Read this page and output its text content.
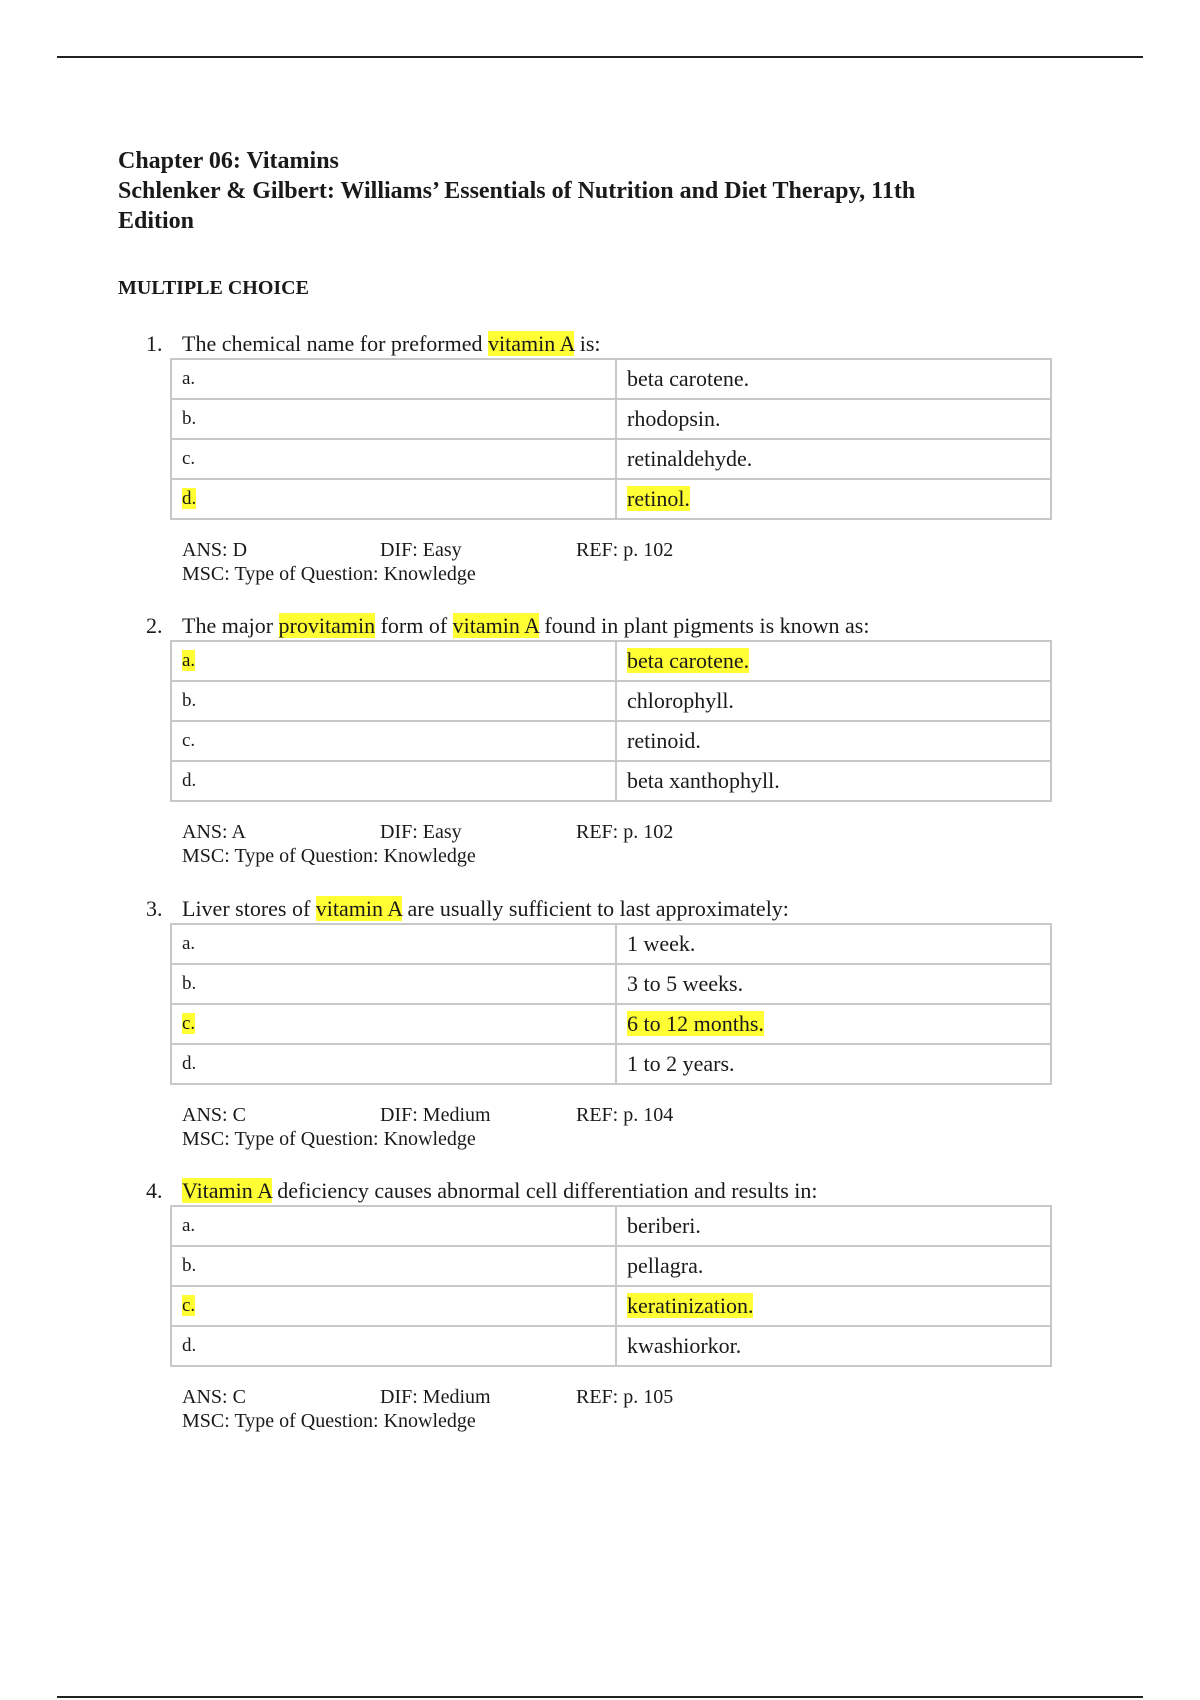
Chapter 06: Vitamins
Schlenker & Gilbert: Williams’ Essentials of Nutrition and Diet Therapy, 11th
Edition
MULTIPLE CHOICE
1. The chemical name for preformed vitamin A is:
a.	beta carotene.
b.	rhodopsin.
c.	retinaldehyde.
d.	retinol.
ANS: D	DIF: Easy	REF: p. 102
MSC: Type of Question: Knowledge
2. The major provitamin form of vitamin A found in plant pigments is known as:
a.	beta carotene.
b.	chlorophyll.
c.	retinoid.
d.	beta xanthophyll.
ANS: A	DIF: Easy	REF: p. 102
MSC: Type of Question: Knowledge
3. Liver stores of vitamin A are usually sufficient to last approximately:
a.	1 week.
b.	3 to 5 weeks.
c.	6 to 12 months.
d.	1 to 2 years.
ANS: C	DIF: Medium	REF: p. 104
MSC: Type of Question: Knowledge
4. Vitamin A deficiency causes abnormal cell differentiation and results in:
a.	beriberi.
b.	pellagra.
c.	keratinization.
d.	kwashiorkor.
ANS: C	DIF: Medium	REF: p. 105
MSC: Type of Question: Knowledge
